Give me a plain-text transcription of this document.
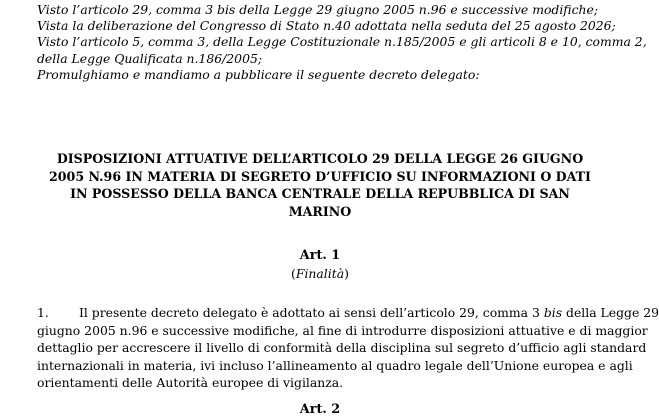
Visto l’articolo 29, comma 3 bis della Legge 29 giugno 2005 n.96 e successive modifiche;
Vista la deliberazione del Congresso di Stato n.40 adottata nella seduta del 25 agosto 2026;
Visto l’articolo 5, comma 3, della Legge Costituzionale n.185/2005 e gli articoli 8 e 10, comma 2,
della Legge Qualificata n.186/2005;
Promulghiamo e mandiamo a pubblicare il seguente decreto delegato:
DISPOSIZIONI ATTUATIVE DELL’ARTICOLO 29 DELLA LEGGE 26 GIUGNO
2005 N.96 IN MATERIA DI SEGRETO D’UFFICIO SU INFORMAZIONI O DATI
IN POSSESSO DELLA BANCA CENTRALE DELLA REPUBBLICA DI SAN
MARINO
Art. 1
(Finalità)
1. Il presente decreto delegato è adottato ai sensi dell’articolo 29, comma 3 bis della Legge 29
giugno 2005 n.96 e successive modifiche, al fine di introdurre disposizioni attuative e di maggior
dettaglio per accrescere il livello di conformità della disciplina sul segreto d’ufficio agli standard
internazionali in materia, ivi incluso l’allineamento al quadro legale dell’Unione europea e agli
orientamenti delle Autorità europee di vigilanza.
Art. 2
